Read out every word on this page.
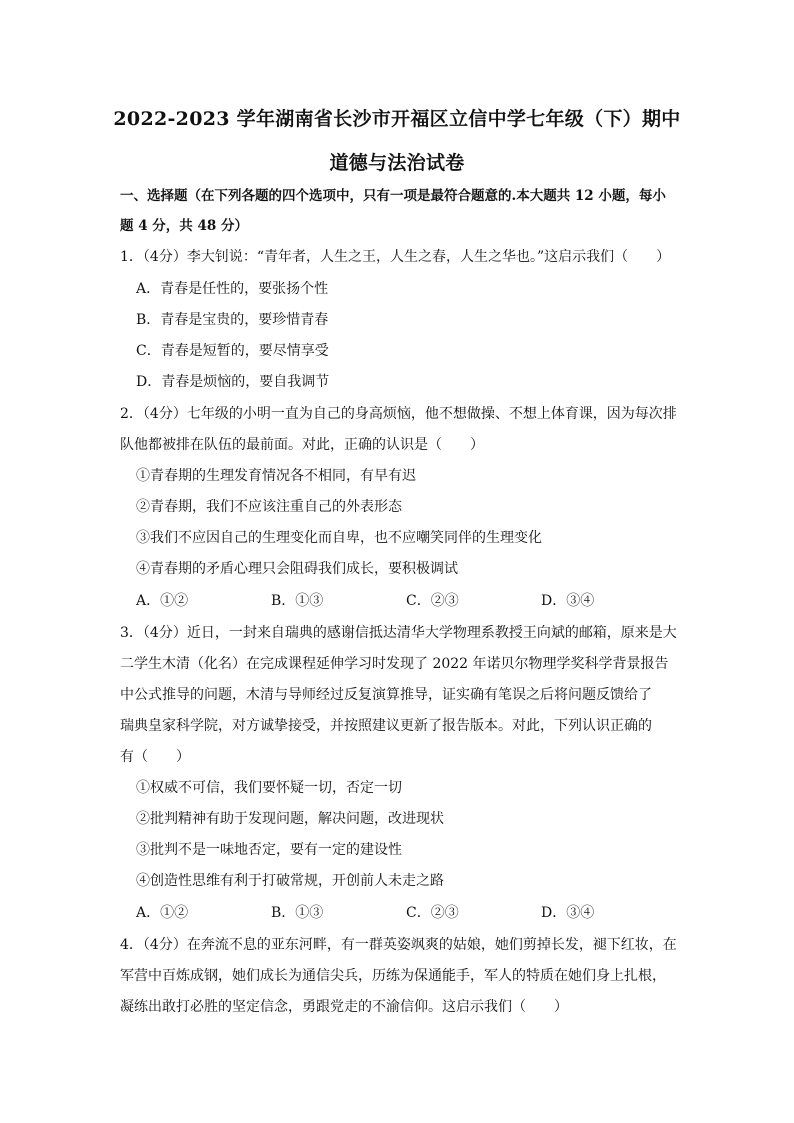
2022-2023 学年湖南省长沙市开福区立信中学七年级（下）期中
道德与法治试卷
一、选择题（在下列各题的四个选项中，只有一项是最符合题意的.本大题共 12 小题，每小
题 4 分，共 48 分）
1．（4分）李大钊说：“青年者，人生之王，人生之春，人生之华也。”这启示我们（　　）
A．青春是任性的，要张扬个性
B．青春是宝贵的，要珍惜青春
C．青春是短暂的，要尽情享受
D．青春是烦恼的，要自我调节
2．（4分）七年级的小明一直为自己的身高烦恼，他不想做操、不想上体育课，因为每次排
队他都被排在队伍的最前面。对此，正确的认识是（　　）
①青春期的生理发育情况各不相同，有早有迟
②青春期，我们不应该注重自己的外表形态
③我们不应因自己的生理变化而自卑，也不应嘲笑同伴的生理变化
④青春期的矛盾心理只会阻碍我们成长，要积极调试
A．①②	B．①③	C．②③	D．③④
3．（4分）近日，一封来自瑞典的感谢信抵达清华大学物理系教授王向斌的邮箱，原来是大
二学生木清（化名）在完成课程延伸学习时发现了 2022 年诺贝尔物理学奖科学背景报告
中公式推导的问题，木清与导师经过反复演算推导，证实确有笔误之后将问题反馈给了
瑞典皇家科学院，对方诚挚接受，并按照建议更新了报告版本。对此，下列认识正确的
有（　　）
①权威不可信，我们要怀疑一切，否定一切
②批判精神有助于发现问题，解决问题，改进现状
③批判不是一味地否定，要有一定的建设性
④创造性思维有利于打破常规，开创前人未走之路
A．①②	B．①③	C．②③	D．③④
4．（4分）在奔流不息的亚东河畔，有一群英姿飒爽的姑娘，她们剪掉长发，褪下红妆，在
军营中百炼成钢，她们成长为通信尖兵，历练为保通能手，军人的特质在她们身上扎根，
凝练出敢打必胜的坚定信念，勇跟党走的不渝信仰。这启示我们（　　）
